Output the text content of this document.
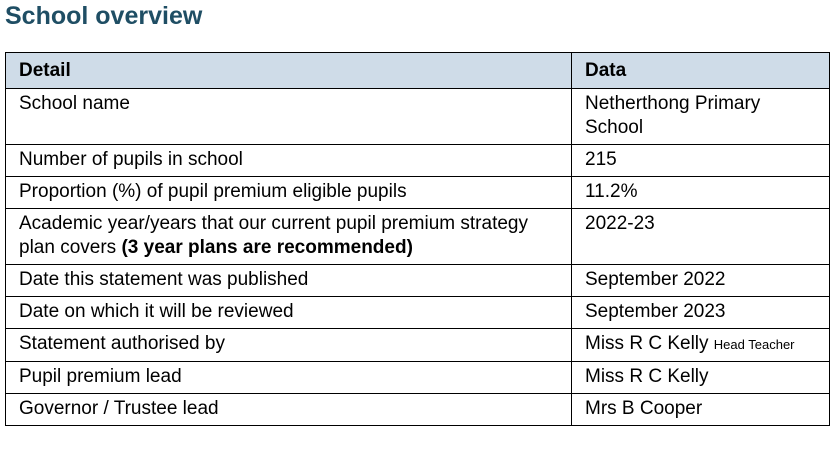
School overview
Detail	Data
School name	Netherthong Primary School
Number of pupils in school	215
Proportion (%) of pupil premium eligible pupils	11.2%
Academic year/years that our current pupil premium strategy plan covers (3 year plans are recommended)	2022-23
Date this statement was published	September 2022
Date on which it will be reviewed	September 2023
Statement authorised by	Miss R C Kelly Head Teacher
Pupil premium lead	Miss R C Kelly
Governor / Trustee lead	Mrs B Cooper
